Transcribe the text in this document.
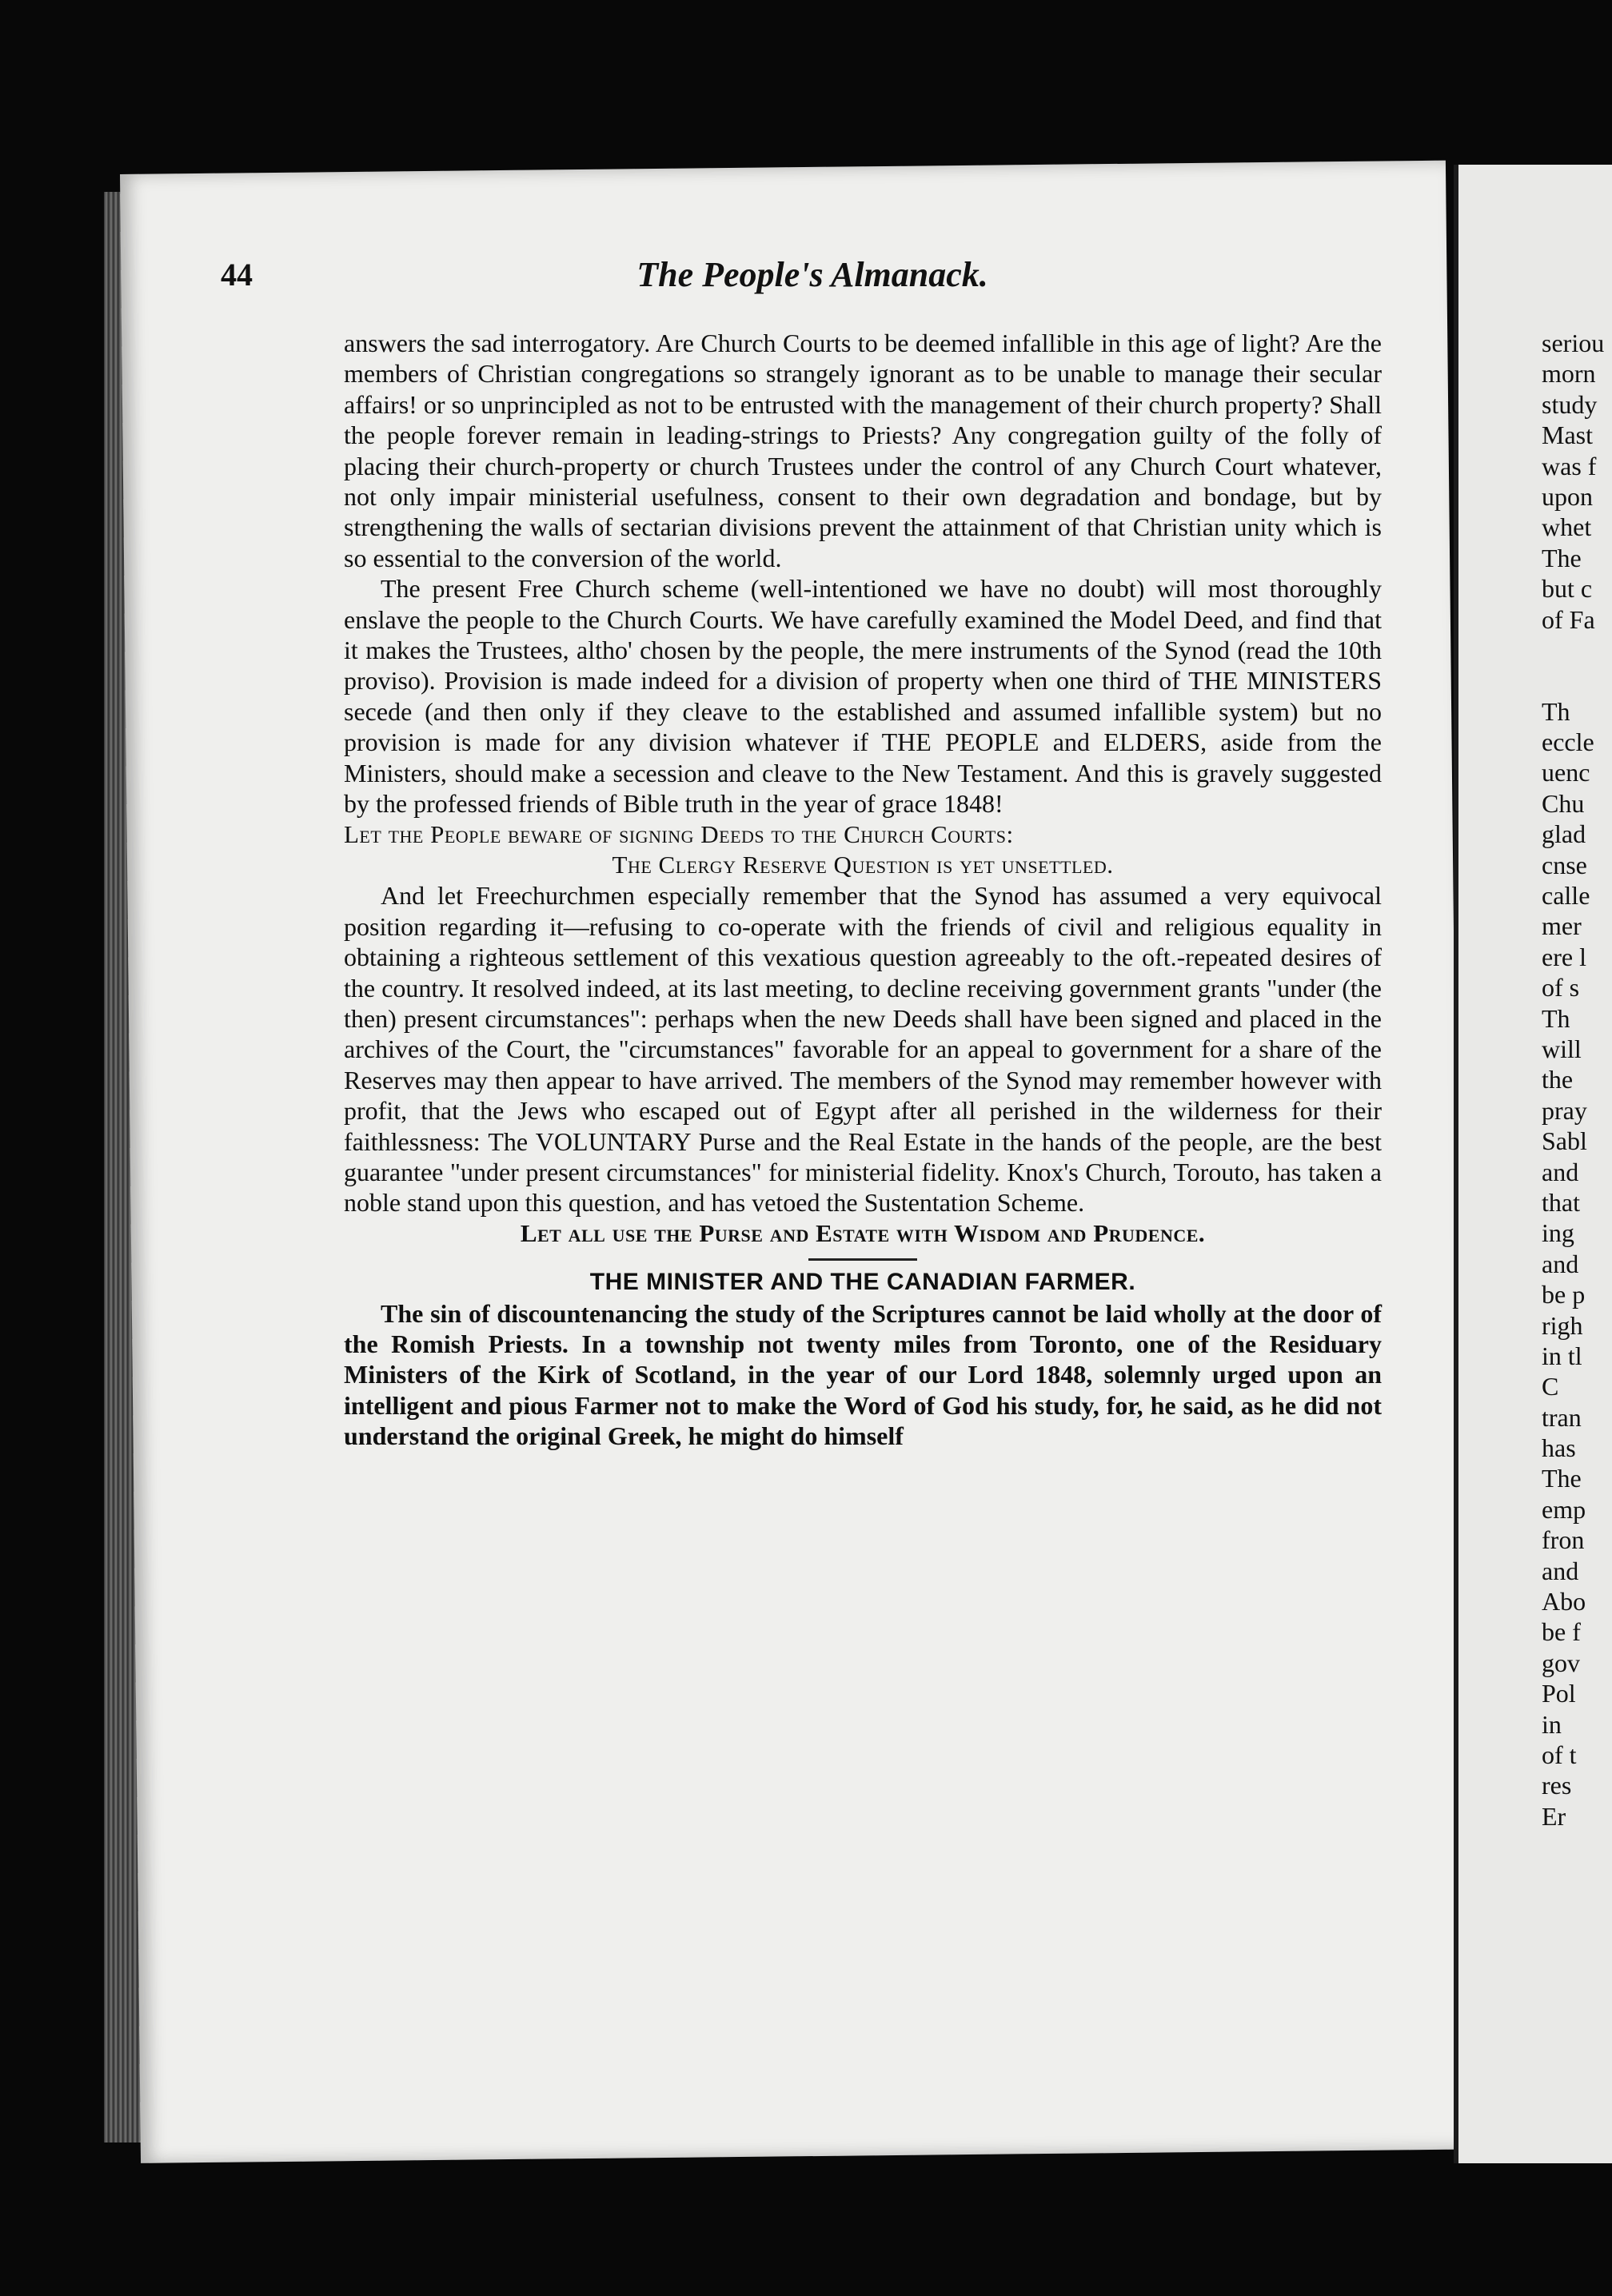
44	The People's Almanack.

answers the sad interrogatory. Are Church Courts to be deemed infallible in this age of light? Are the members of Christian congregations so strangely ignorant as to be unable to manage their secular affairs! or so unprincipled as not to be entrusted with the management of their church property? Shall the people forever remain in leading-strings to Priests? Any congregation guilty of the folly of placing their church-property or church Trustees under the control of any Church Court whatever, not only impair ministerial usefulness, consent to their own degradation and bondage, but by strengthening the walls of sectarian divisions prevent the attainment of that Christian unity which is so essential to the conversion of the world.

The present Free Church scheme (well-intentioned we have no doubt) will most thoroughly enslave the people to the Church Courts. We have carefully examined the Model Deed, and find that it makes the Trustees, altho' chosen by the people, the mere instruments of the Synod (read the 10th proviso). Provision is made indeed for a division of property when one third of THE MINISTERS secede (and then only if they cleave to the established and assumed infallible system) but no provision is made for any division whatever if THE PEOPLE and ELDERS, aside from the Ministers, should make a secession and cleave to the New Testament. And this is gravely suggested by the professed friends of Bible truth in the year of grace 1848!

Let the People beware of signing Deeds to the Church Courts:

The Clergy Reserve Question is yet unsettled.

And let Freechurchmen especially remember that the Synod has assumed a very equivocal position regarding it—refusing to co-operate with the friends of civil and religious equality in obtaining a righteous settlement of this vexatious question agreeably to the oft.-repeated desires of the country. It resolved indeed, at its last meeting, to decline receiving government grants "under (the then) present circumstances": perhaps when the new Deeds shall have been signed and placed in the archives of the Court, the "circumstances" favorable for an appeal to government for a share of the Reserves may then appear to have arrived. The members of the Synod may remember however with profit, that the Jews who escaped out of Egypt after all perished in the wilderness for their faithlessness: The VOLUNTARY Purse and the Real Estate in the hands of the people, are the best guarantee "under present circumstances" for ministerial fidelity. Knox's Church, Torouto, has taken a noble stand upon this question, and has vetoed the Sustentation Scheme.

Let all use the Purse and Estate with Wisdom and Prudence.

THE MINISTER AND THE CANADIAN FARMER.

The sin of discountenancing the study of the Scriptures cannot be laid wholly at the door of the Romish Priests. In a township not twenty miles from Toronto, one of the Residuary Ministers of the Kirk of Scotland, in the year of our Lord 1848, solemnly urged upon an intelligent and pious Farmer not to make the Word of God his study, for, he said, as he did not understand the original Greek, he might do himself

seriou
morn
study
Mast
was f
upon
whet
The
but c
of Fa
Th
eccle
uenc
Chu
glad
cnse
calle
mer
ere l
of s
Th
will
the
pray
Sabl
and
that
ing
and
be p
righ
in tl
C
tran
has
The
emp
fron
and
Abo
be f
gov
Pol
in
of t
res
Er
